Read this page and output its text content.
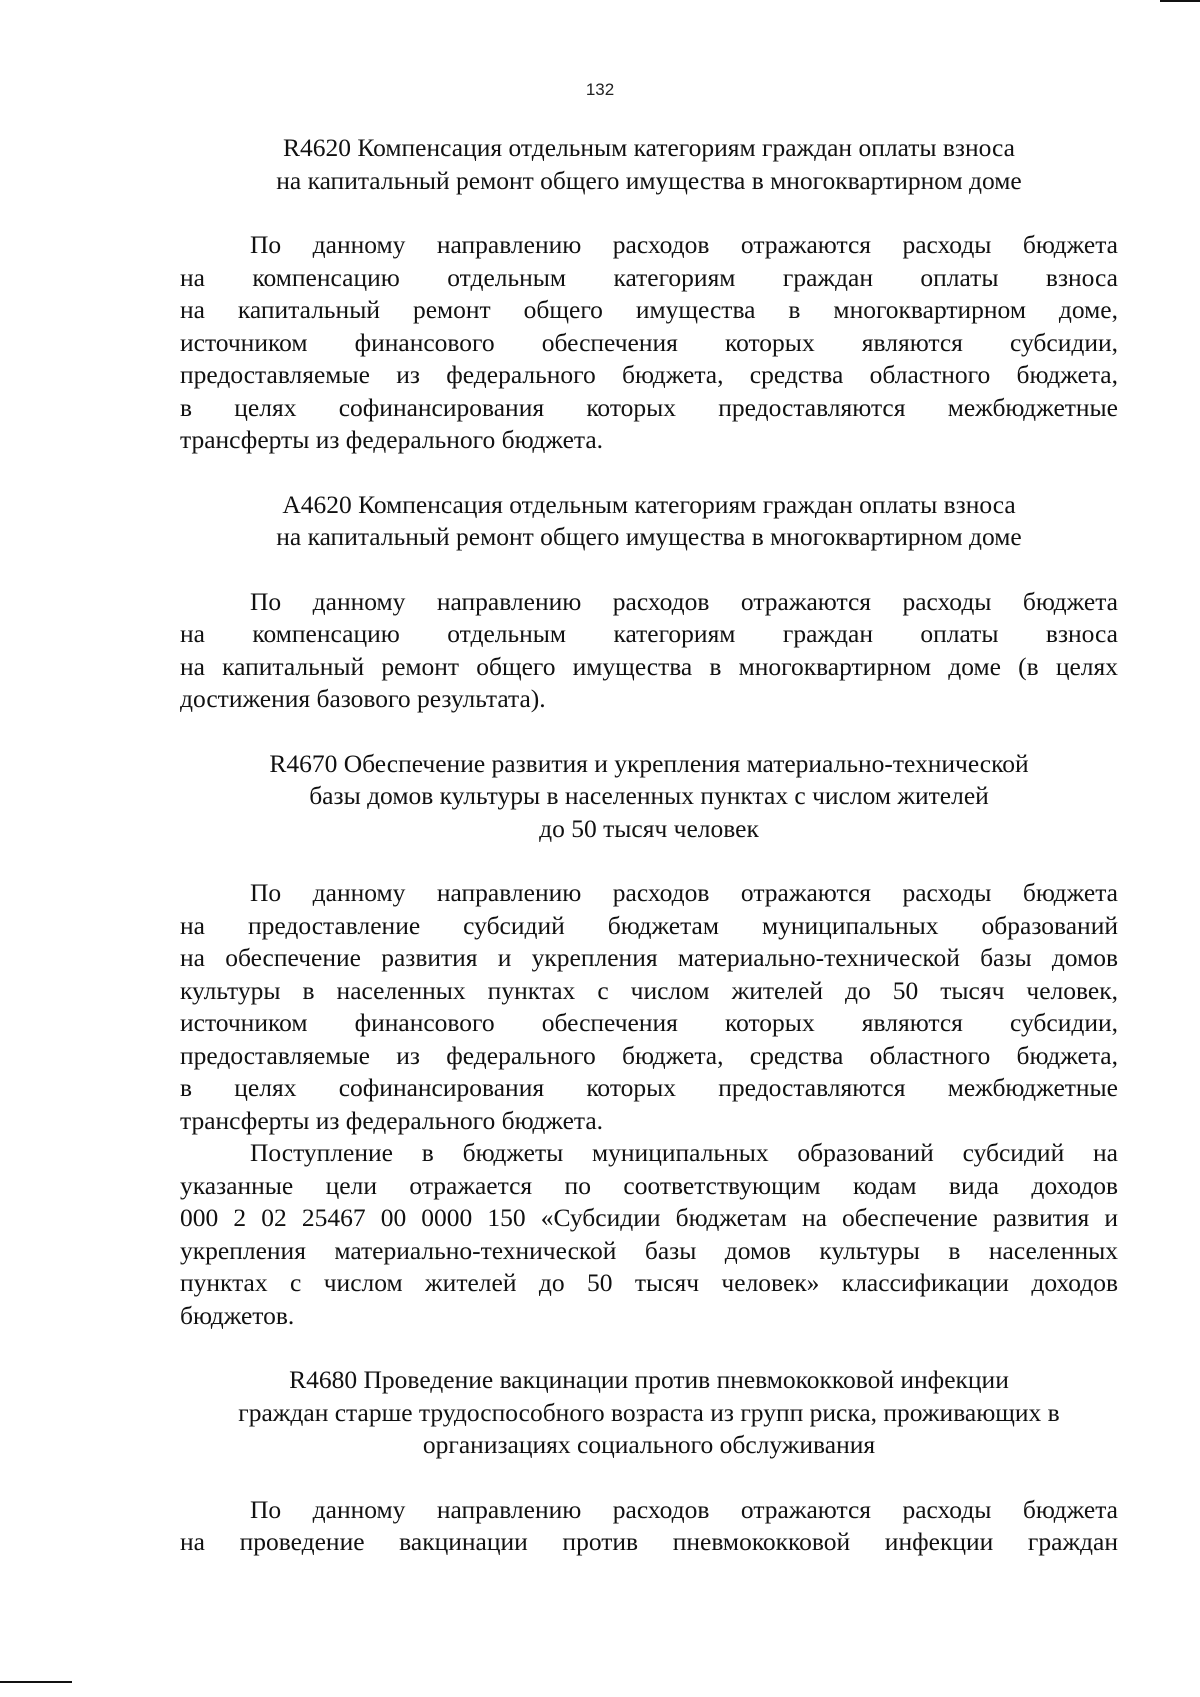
132
R4620 Компенсация отдельным категориям граждан оплаты взноса
на капитальный ремонт общего имущества в многоквартирном доме
По данному направлению расходов отражаются расходы бюджета
на компенсацию отдельным категориям граждан оплаты взноса
на капитальный ремонт общего имущества в многоквартирном доме,
источником финансового обеспечения которых являются субсидии,
предоставляемые из федерального бюджета, средства областного бюджета,
в целях софинансирования которых предоставляются межбюджетные
трансферты из федерального бюджета.
А4620 Компенсация отдельным категориям граждан оплаты взноса
на капитальный ремонт общего имущества в многоквартирном доме
По данному направлению расходов отражаются расходы бюджета
на компенсацию отдельным категориям граждан оплаты взноса
на капитальный ремонт общего имущества в многоквартирном доме (в целях
достижения базового результата).
R4670 Обеспечение развития и укрепления материально-технической
базы домов культуры в населенных пунктах с числом жителей
до 50 тысяч человек
По данному направлению расходов отражаются расходы бюджета
на предоставление субсидий бюджетам муниципальных образований
на обеспечение развития и укрепления материально-технической базы домов
культуры в населенных пунктах с числом жителей до 50 тысяч человек,
источником финансового обеспечения которых являются субсидии,
предоставляемые из федерального бюджета, средства областного бюджета,
в целях софинансирования которых предоставляются межбюджетные
трансферты из федерального бюджета.
Поступление в бюджеты муниципальных образований субсидий на
указанные цели отражается по соответствующим кодам вида доходов
000 2 02 25467 00 0000 150 «Субсидии бюджетам на обеспечение развития и
укрепления материально-технической базы домов культуры в населенных
пунктах с числом жителей до 50 тысяч человек» классификации доходов
бюджетов.
R4680 Проведение вакцинации против пневмококковой инфекции
граждан старше трудоспособного возраста из групп риска, проживающих в
организациях социального обслуживания
По данному направлению расходов отражаются расходы бюджета
на проведение вакцинации против пневмококковой инфекции граждан
